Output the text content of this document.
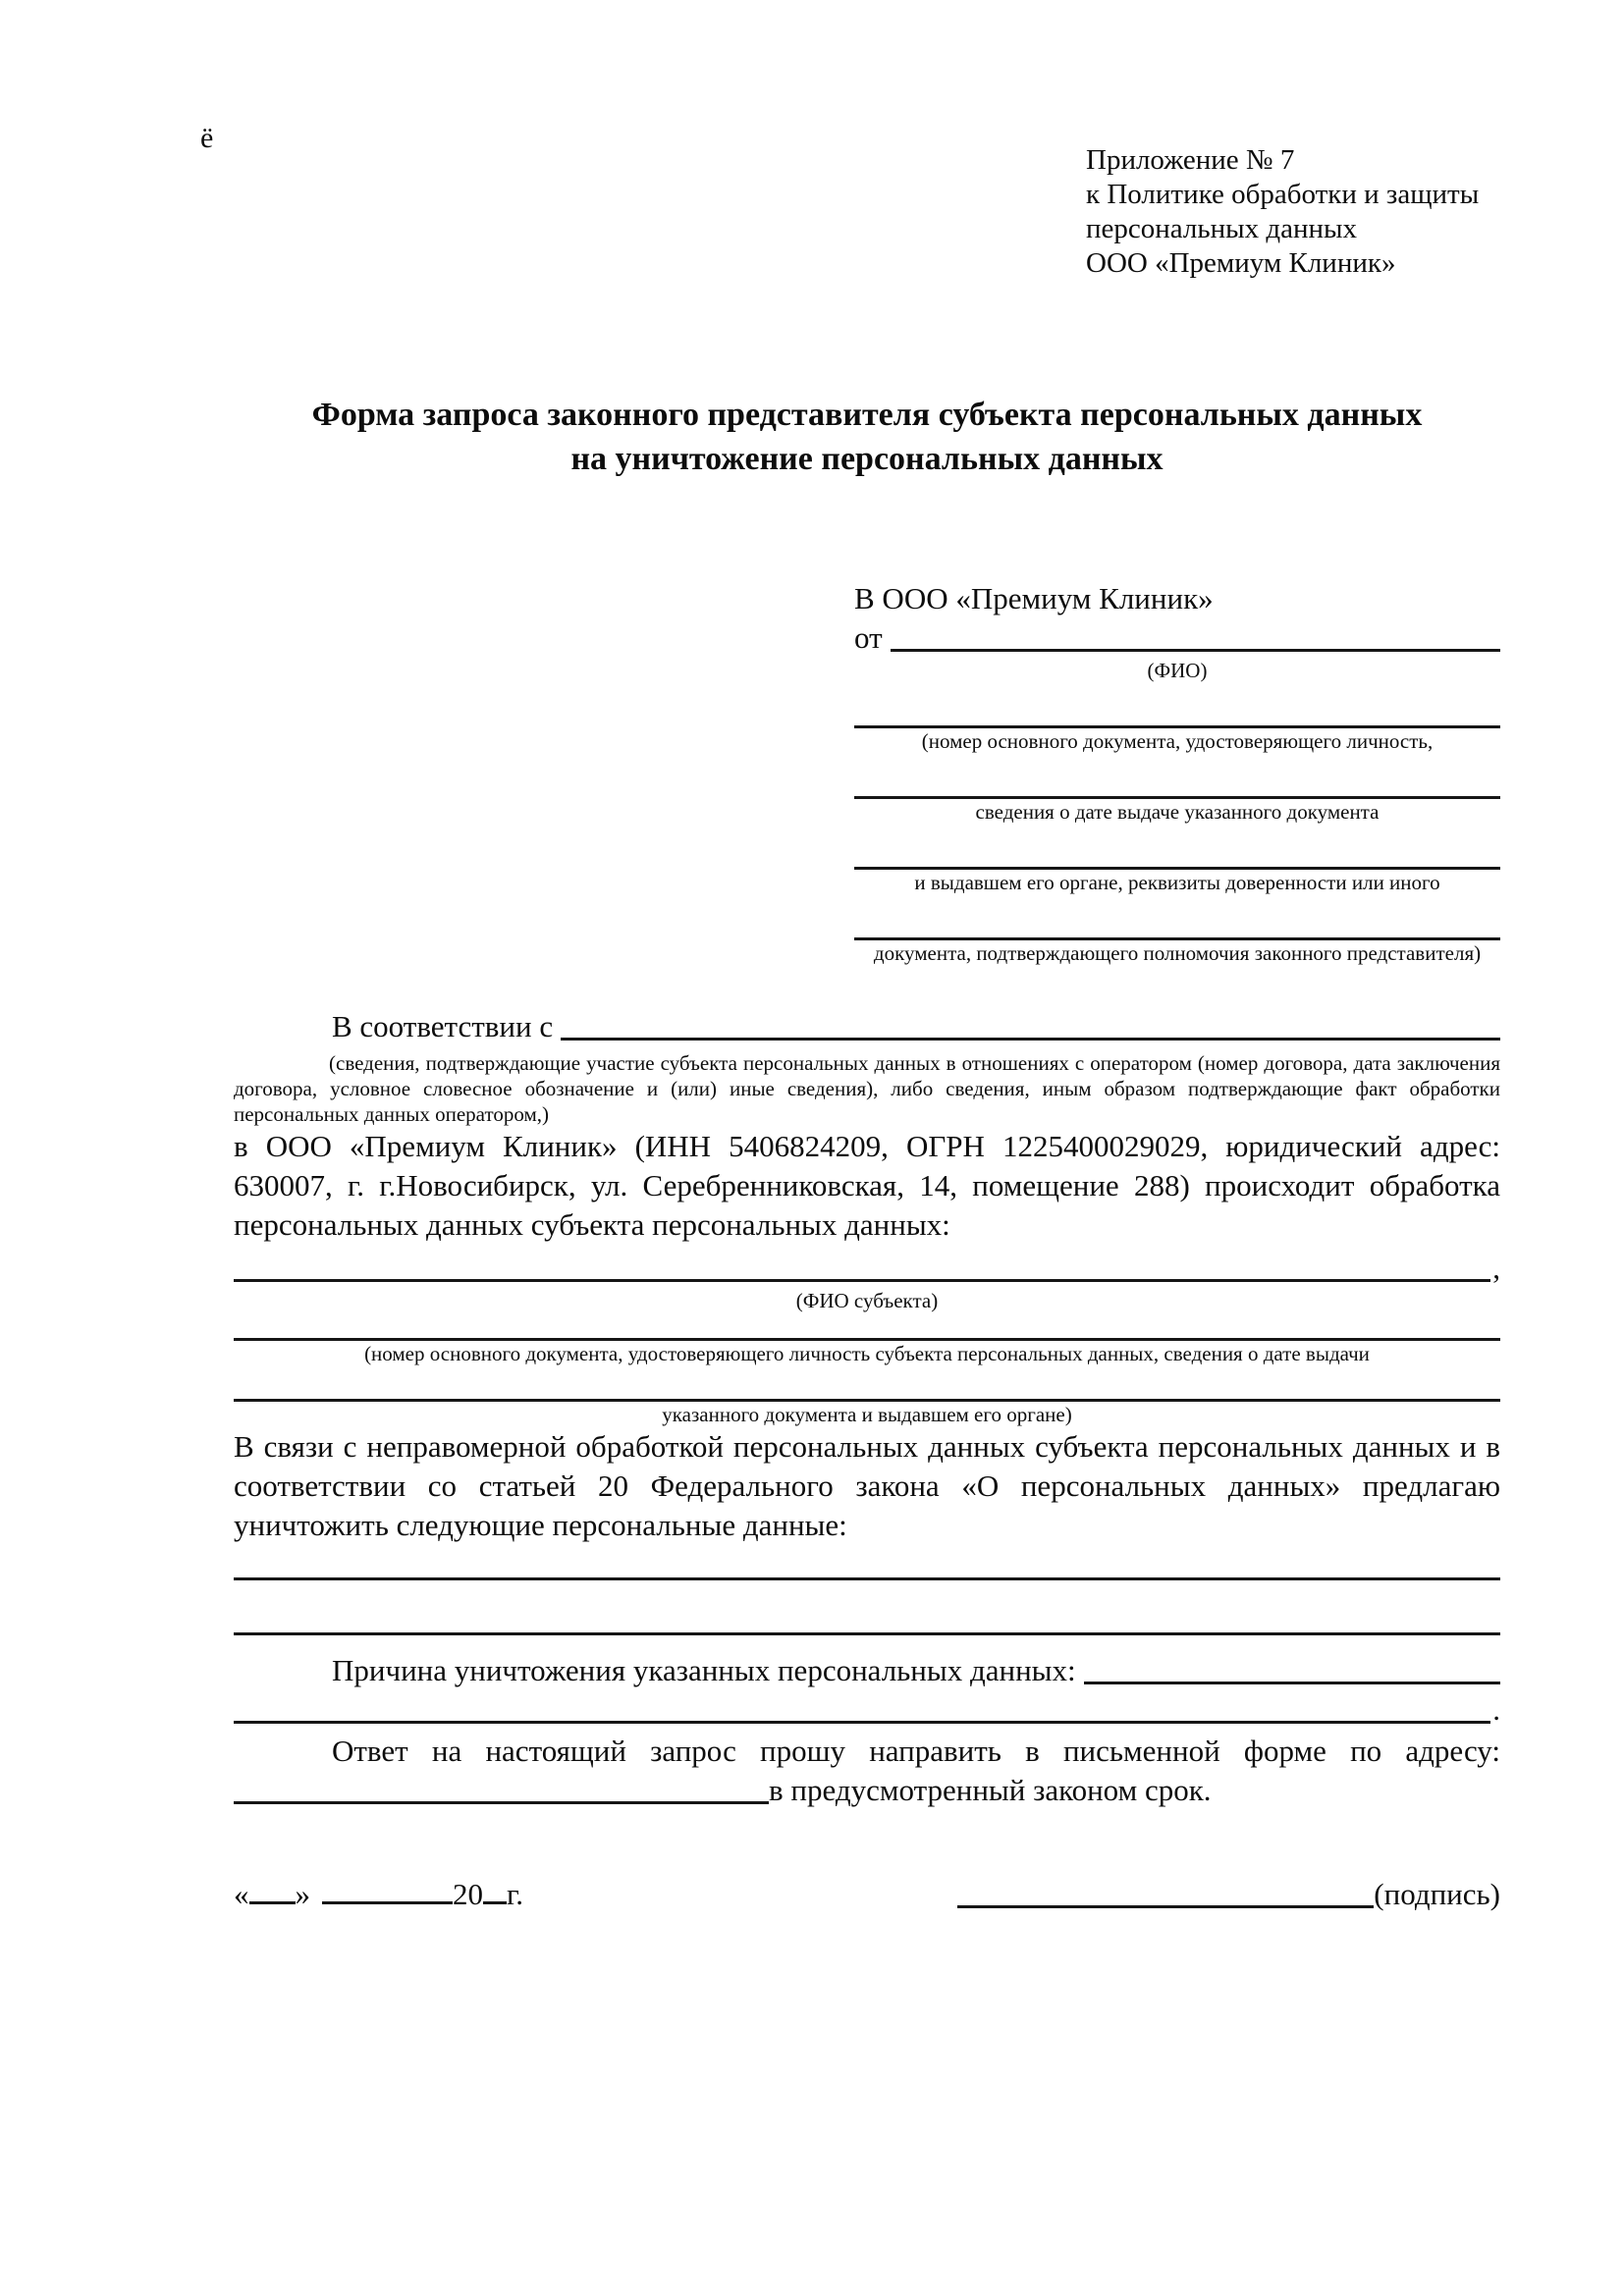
ё
Приложение № 7
к Политике обработки и защиты
персональных данных
ООО «Премиум Клиник»
Форма запроса законного представителя субъекта персональных данных
на уничтожение персональных данных
В ООО «Премиум Клиник»
от
(ФИО)
(номер основного документа, удостоверяющего личность,
сведения о дате выдаче указанного документа
и выдавшем его органе, реквизиты доверенности или иного
документа, подтверждающего полномочия законного представителя)
В соответствии с
(сведения, подтверждающие участие субъекта персональных данных в отношениях с оператором (номер договора, дата заключения договора, условное словесное обозначение и (или) иные сведения), либо сведения, иным образом подтверждающие факт обработки персональных данных оператором,)
в ООО «Премиум Клиник» (ИНН 5406824209, ОГРН 1225400029029, юридический адрес: 630007, г. г.Новосибирск, ул. Серебренниковская, 14, помещение 288) происходит обработка персональных данных субъекта персональных данных:
,
(ФИО субъекта)
(номер основного документа, удостоверяющего личность субъекта персональных данных, сведения о дате выдачи
указанного документа и выдавшем его органе)
В связи с неправомерной обработкой персональных данных субъекта персональных данных и в соответствии со статьей 20 Федерального закона «О персональных данных» предлагаю уничтожить следующие персональные данные:
Причина уничтожения указанных персональных данных:
.
Ответ на настоящий запрос прошу направить в письменной форме по адресу:
в предусмотренный законом срок.
« »	20 г.	(подпись)
